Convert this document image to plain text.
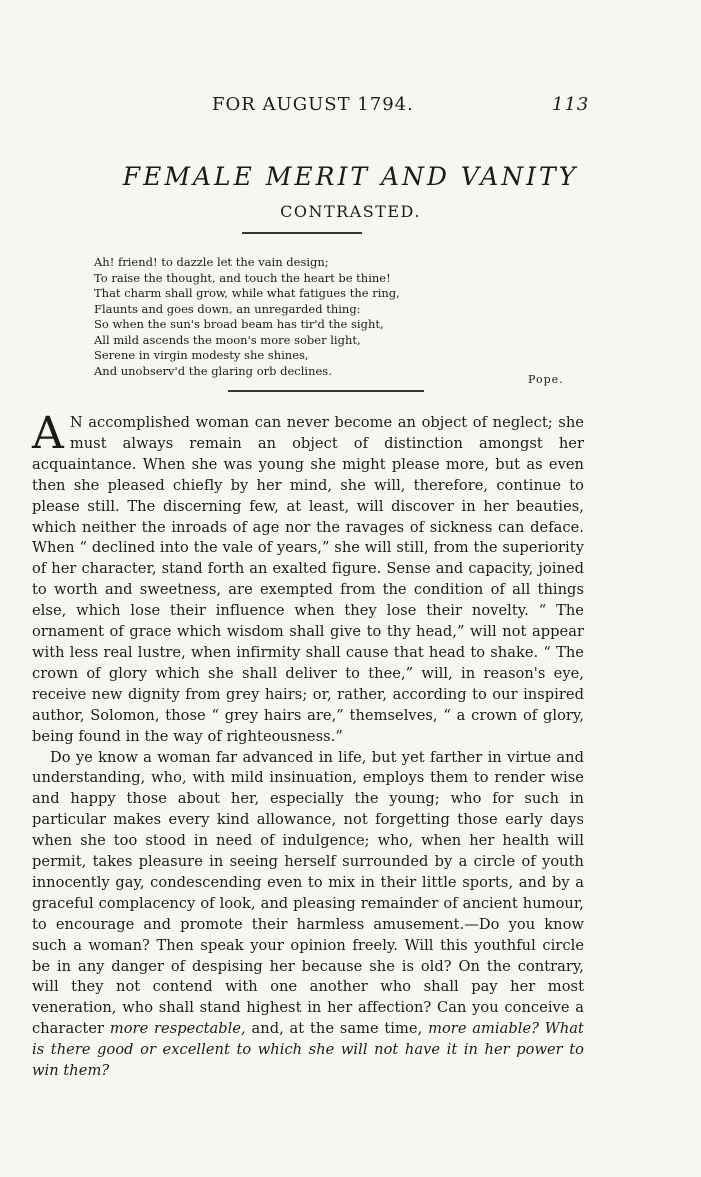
FOR AUGUST 1794.	113
FEMALE MERIT AND VANITY
CONTRASTED.
Ah! friend! to dazzle let the vain design;
To raise the thought, and touch the heart be thine!
That charm shall grow, while what fatigues the ring,
Flaunts and goes down, an unregarded thing:
So when the sun's broad beam has tir'd the sight,
All mild ascends the moon's more sober light,
Serene in virgin modesty she shines,
And unobserv'd the glaring orb declines.
Pope.

A N accomplished woman can never become an object of neglect; she must always remain an object of distinction amongst her acquaintance. When she was young she might please more, but as even then she pleased chiefly by her mind, she will, therefore, continue to please still. The discerning few, at least, will discover in her beauties, which neither the inroads of age nor the ravages of sickness can deface. When “ declined into the vale of years,” she will still, from the superiority of her character, stand forth an exalted figure. Sense and capacity, joined to worth and sweetness, are exempted from the condition of all things else, which lose their influence when they lose their novelty. “ The ornament of grace which wisdom shall give to thy head,” will not appear with less real lustre, when infirmity shall cause that head to shake. “ The crown of glory which she shall deliver to thee,” will, in reason's eye, receive new dignity from grey hairs; or, rather, according to our inspired author, Solomon, those “ grey hairs are,” themselves, “ a crown of glory, being found in the way of righteousness.”

Do ye know a woman far advanced in life, but yet farther in virtue and understanding, who, with mild insinuation, employs them to render wise and happy those about her, especially the young; who for such in particular makes every kind allowance, not forgetting those early days when she too stood in need of indulgence; who, when her health will permit, takes pleasure in seeing herself surrounded by a circle of youth innocently gay, condescending even to mix in their little sports, and by a graceful complacency of look, and pleasing remainder of ancient humour, to encourage and promote their harmless amusement.—Do you know such a woman? Then speak your opinion freely. Will this youthful circle be in any danger of despising her because she is old? On the contrary, will they not contend with one another who shall pay her most veneration, who shall stand highest in her affection? Can you conceive a character more respectable, and, at the same time, more amiable? What is there good or excellent to which she will not have it in her power to win them?
